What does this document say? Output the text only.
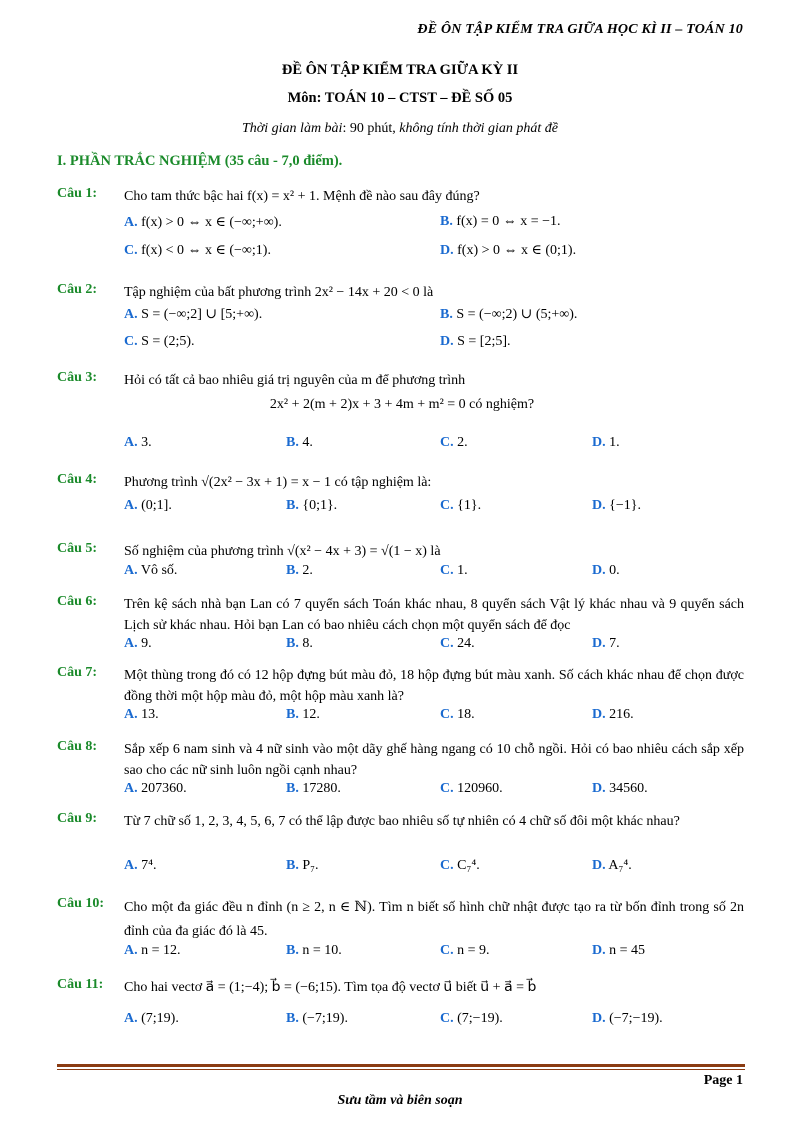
ĐỀ ÔN TẬP KIỂM TRA GIỮA HỌC KÌ II – TOÁN 10
ĐỀ ÔN TẬP KIỂM TRA GIỮA KỲ II
Môn: TOÁN 10 – CTST – ĐỀ SỐ 05
Thời gian làm bài: 90 phút, không tính thời gian phát đề
I. PHẦN TRẮC NGHIỆM (35 câu - 7,0 điểm).
Câu 1:	Cho tam thức bậc hai f(x) = x² + 1. Mệnh đề nào sau đây đúng?
A. f(x) > 0 ⇔ x ∈ (−∞;+∞).	B. f(x) = 0 ⇔ x = −1.
C. f(x) < 0 ⇔ x ∈ (−∞;1).	D. f(x) > 0 ⇔ x ∈ (0;1).
Câu 2:	Tập nghiệm của bất phương trình 2x² − 14x + 20 < 0 là
A. S = (−∞;2] ∪ [5;+∞).	B. S = (−∞;2) ∪ (5;+∞).
C. S = (2;5).	D. S = [2;5].
Câu 3:	Hỏi có tất cả bao nhiêu giá trị nguyên của m để phương trình
2x² + 2(m + 2)x + 3 + 4m + m² = 0 có nghiệm?
A. 3.	B. 4.	C. 2.	D. 1.
Câu 4:	Phương trình √(2x² − 3x + 1) = x − 1 có tập nghiệm là:
A. (0;1].	B. {0;1}.	C. {1}.	D. {−1}.
Câu 5:	Số nghiệm của phương trình √(x² − 4x + 3) = √(1 − x) là
A. Vô số.	B. 2.	C. 1.	D. 0.
Câu 6:	Trên kệ sách nhà bạn Lan có 7 quyển sách Toán khác nhau, 8 quyển sách Vật lý khác nhau và 9 quyển sách Lịch sử khác nhau. Hỏi bạn Lan có bao nhiêu cách chọn một quyển sách để đọc
A. 9.	B. 8.	C. 24.	D. 7.
Câu 7:	Một thùng trong đó có 12 hộp đựng bút màu đỏ, 18 hộp đựng bút màu xanh. Số cách khác nhau để chọn được đồng thời một hộp màu đỏ, một hộp màu xanh là?
A. 13.	B. 12.	C. 18.	D. 216.
Câu 8:	Sắp xếp 6 nam sinh và 4 nữ sinh vào một dãy ghế hàng ngang có 10 chỗ ngồi. Hỏi có bao nhiêu cách sắp xếp sao cho các nữ sinh luôn ngồi cạnh nhau?
A. 207360.	B. 17280.	C. 120960.	D. 34560.
Câu 9:	Từ 7 chữ số 1, 2, 3, 4, 5, 6, 7 có thể lập được bao nhiêu số tự nhiên có 4 chữ số đôi một khác nhau?
A. 7⁴.	B. P₇.	C. C₇⁴.	D. A₇⁴.
Câu 10:	Cho một đa giác đều n đỉnh (n ≥ 2, n ∈ ℕ). Tìm n biết số hình chữ nhật được tạo ra từ bốn đỉnh trong số 2n đỉnh của đa giác đó là 45.
A. n = 12.	B. n = 10.	C. n = 9.	D. n = 45
Câu 11:	Cho hai vectơ a⃗ = (1;−4); b⃗ = (−6;15). Tìm tọa độ vectơ u⃗ biết u⃗ + a⃗ = b⃗
A. (7;19).	B. (−7;19).	C. (7;−19).	D. (−7;−19).
Page 1
Sưu tầm và biên soạn
